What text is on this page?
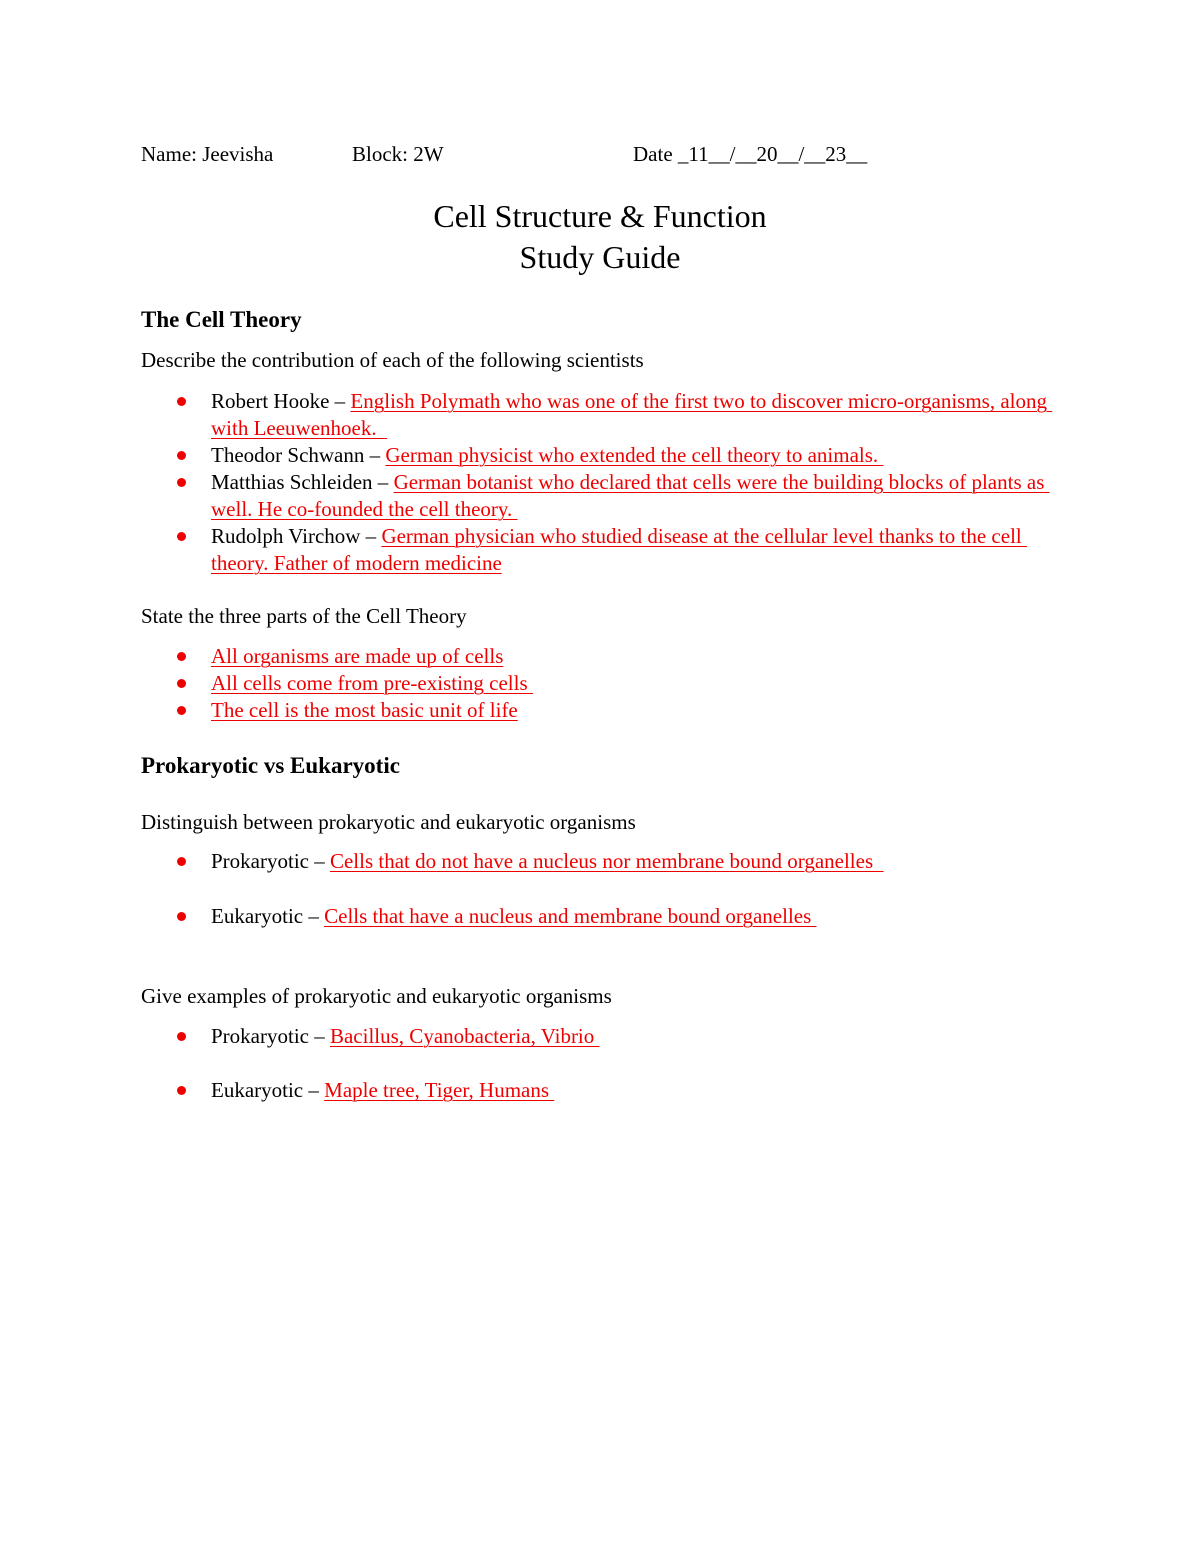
Name: Jeevisha	Block: 2W	Date _11__/__20__/__23__
Cell Structure & Function
Study Guide
The Cell Theory
Describe the contribution of each of the following scientists
Robert Hooke – English Polymath who was one of the first two to discover micro-organisms, along with Leeuwenhoek.
Theodor Schwann – German physicist who extended the cell theory to animals.
Matthias Schleiden – German botanist who declared that cells were the building blocks of plants as well. He co-founded the cell theory.
Rudolph Virchow – German physician who studied disease at the cellular level thanks to the cell theory. Father of modern medicine
State the three parts of the Cell Theory
All organisms are made up of cells
All cells come from pre-existing cells
The cell is the most basic unit of life
Prokaryotic vs Eukaryotic
Distinguish between prokaryotic and eukaryotic organisms
Prokaryotic – Cells that do not have a nucleus nor membrane bound organelles
Eukaryotic – Cells that have a nucleus and membrane bound organelles
Give examples of prokaryotic and eukaryotic organisms
Prokaryotic – Bacillus, Cyanobacteria, Vibrio
Eukaryotic – Maple tree, Tiger, Humans
